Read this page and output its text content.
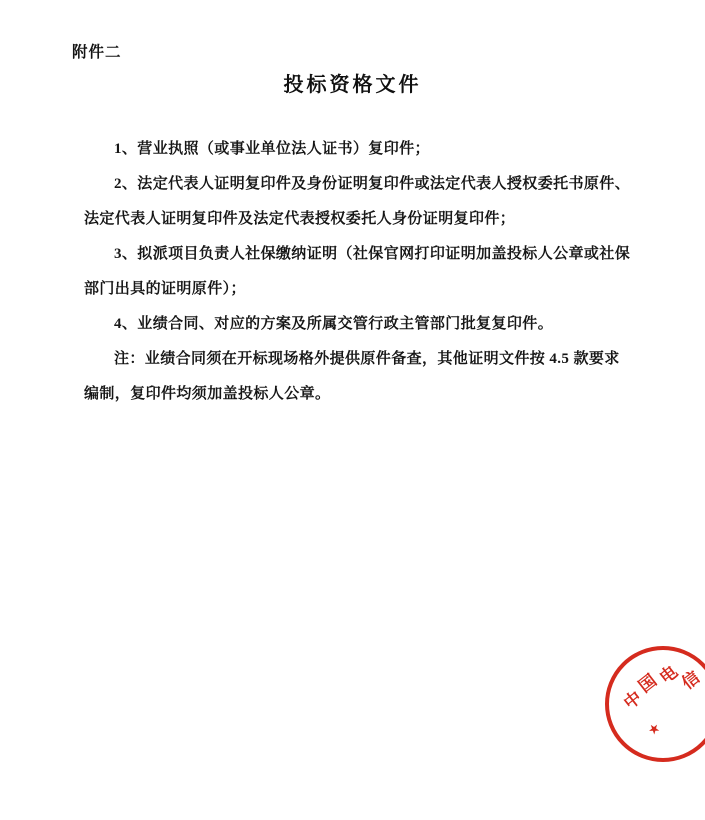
附件二
投标资格文件

1、营业执照（或事业单位法人证书）复印件；

2、法定代表人证明复印件及身份证明复印件或法定代表人授权委托书原件、法定代表人证明复印件及法定代表授权委托人身份证明复印件；

3、拟派项目负责人社保缴纳证明（社保官网打印证明加盖投标人公章或社保部门出具的证明原件）；

4、业绩合同、对应的方案及所属交管行政主管部门批复复印件。

注：业绩合同须在开标现场格外提供原件备查，其他证明文件按 4.5 款要求编制，复印件均须加盖投标人公章。

中
国
电
信
★
